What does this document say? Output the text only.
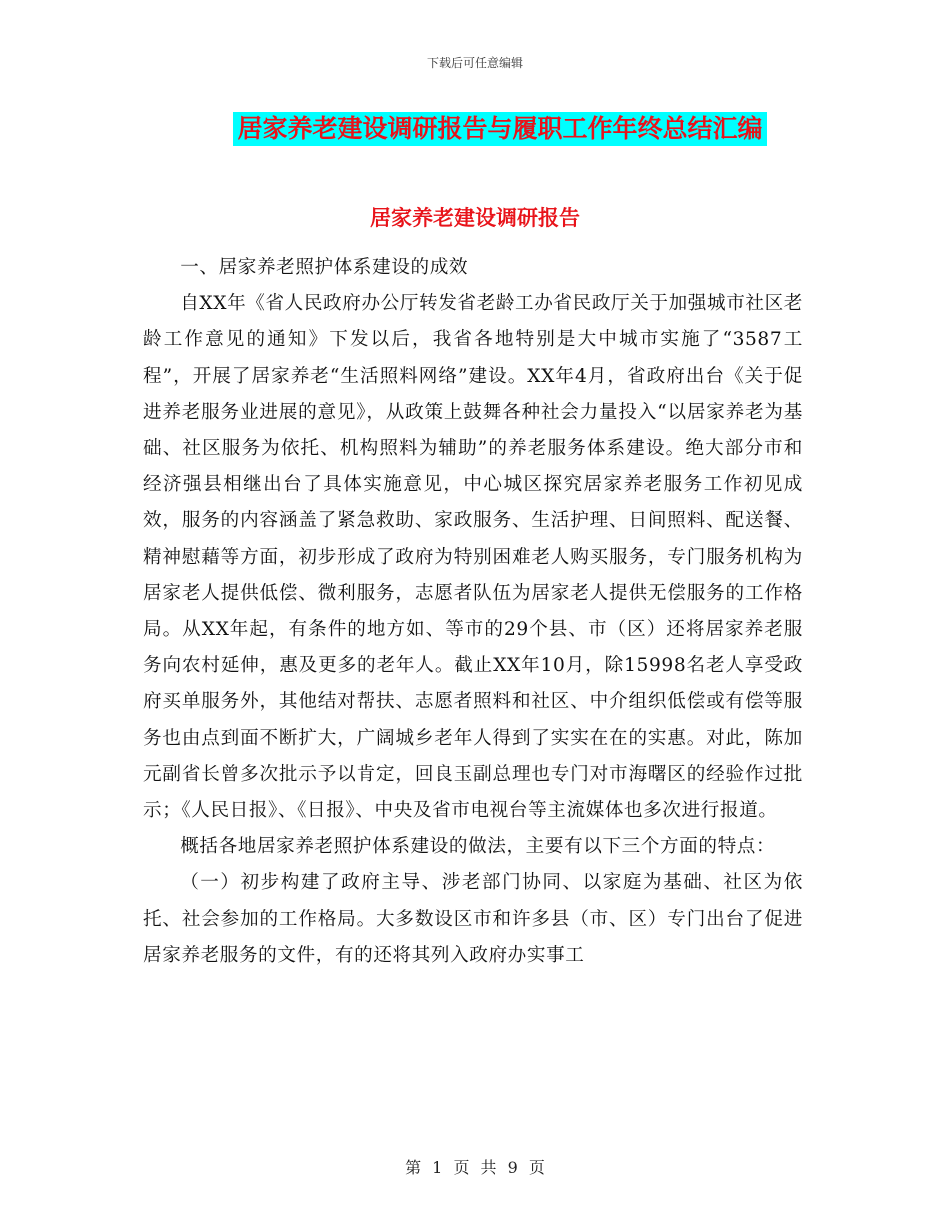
下载后可任意编辑
居家养老建设调研报告与履职工作年终总结汇编
居家养老建设调研报告

一、居家养老照护体系建设的成效

自XX年《省人民政府办公厅转发省老龄工办省民政厅关于加强城市社区老龄工作意见的通知》下发以后，我省各地特别是大中城市实施了“3587工程”，开展了居家养老“生活照料网络”建设。XX年4月，省政府出台《关于促进养老服务业进展的意见》，从政策上鼓舞各种社会力量投入“以居家养老为基础、社区服务为依托、机构照料为辅助”的养老服务体系建设。绝大部分市和经济强县相继出台了具体实施意见，中心城区探究居家养老服务工作初见成效，服务的内容涵盖了紧急救助、家政服务、生活护理、日间照料、配送餐、精神慰藉等方面，初步形成了政府为特别困难老人购买服务，专门服务机构为居家老人提供低偿、微利服务，志愿者队伍为居家老人提供无偿服务的工作格局。从XX年起，有条件的地方如、等市的29个县、市（区）还将居家养老服务向农村延伸，惠及更多的老年人。截止XX年10月，除15998名老人享受政府买单服务外，其他结对帮扶、志愿者照料和社区、中介组织低偿或有偿等服务也由点到面不断扩大，广阔城乡老年人得到了实实在在的实惠。对此，陈加元副省长曾多次批示予以肯定，回良玉副总理也专门对市海曙区的经验作过批示；《人民日报》、《日报》、中央及省市电视台等主流媒体也多次进行报道。

概括各地居家养老照护体系建设的做法，主要有以下三个方面的特点：

（一）初步构建了政府主导、涉老部门协同、以家庭为基础、社区为依托、社会参加的工作格局。大多数设区市和许多县（市、区）专门出台了促进居家养老服务的文件，有的还将其列入政府办实事工

第 1 页 共 9 页
